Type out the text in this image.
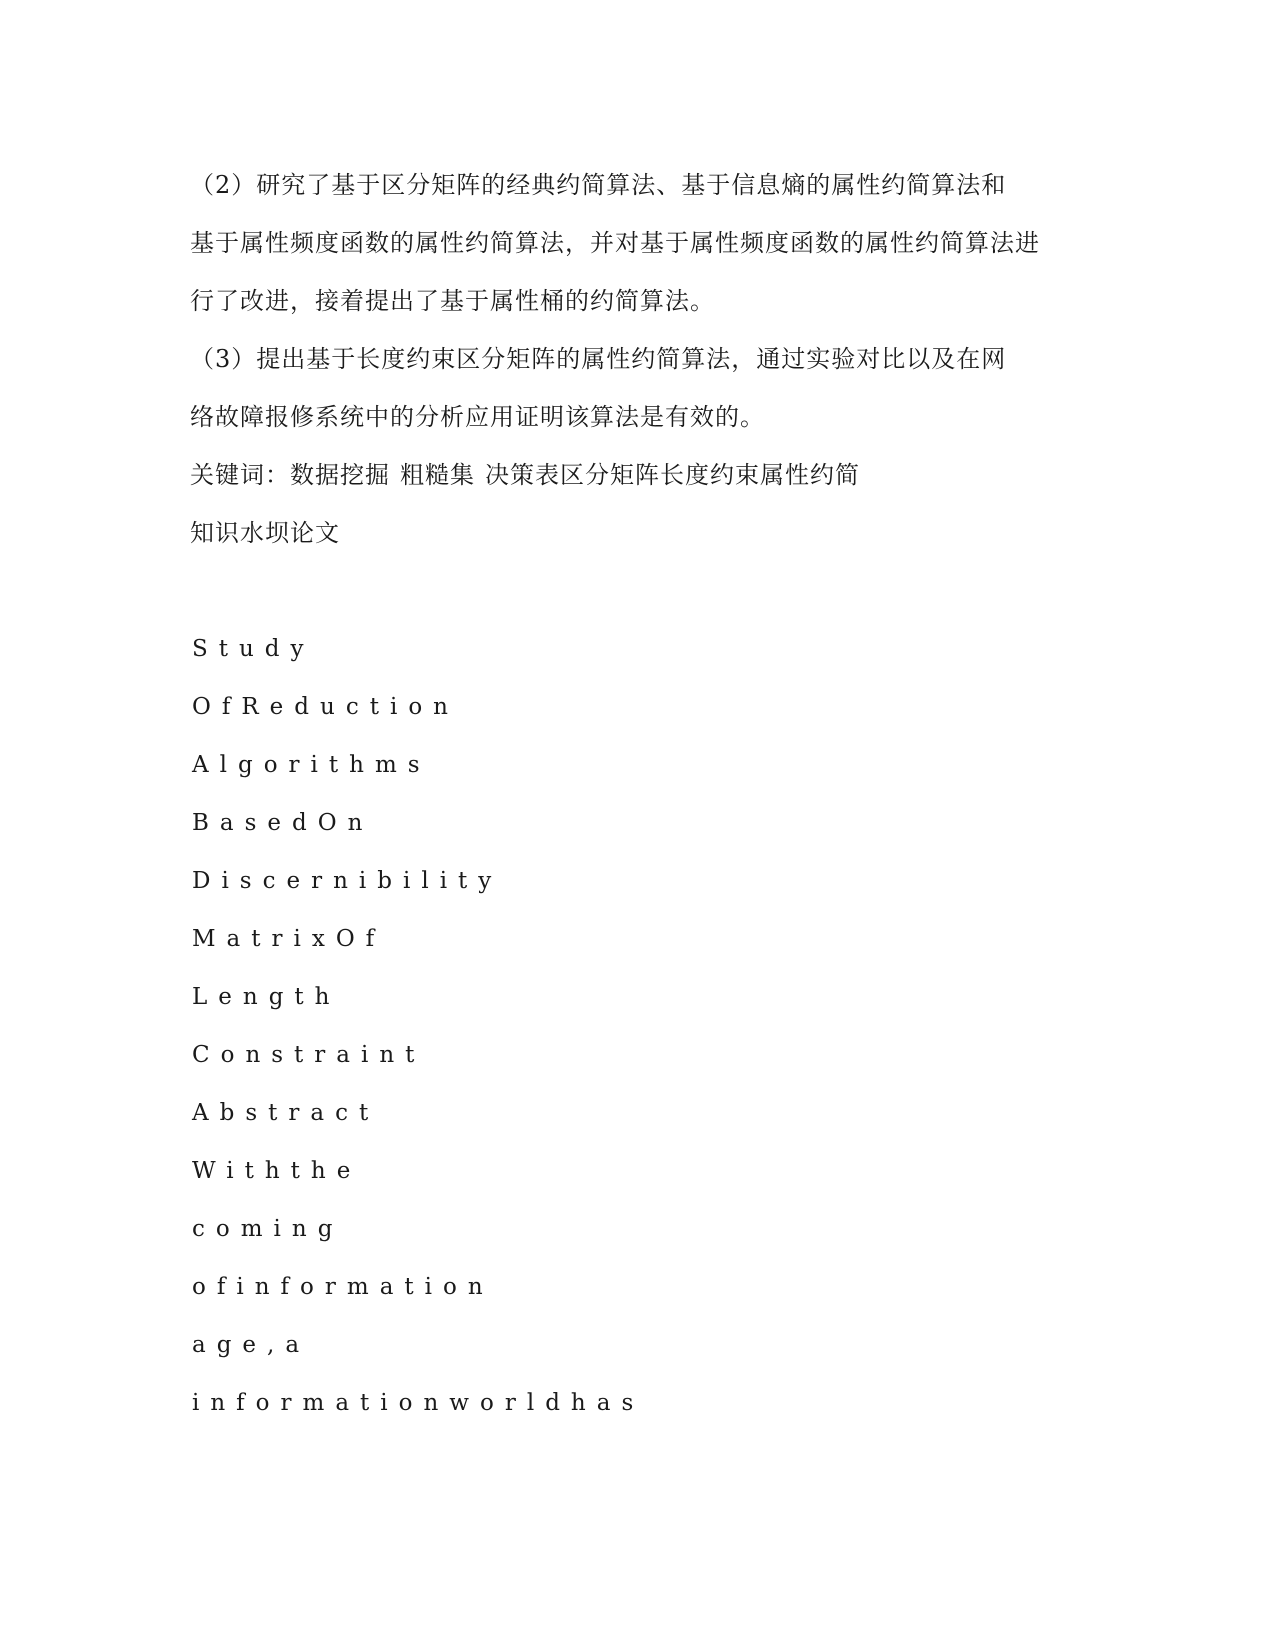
（2）研究了基于区分矩阵的经典约简算法、基于信息熵的属性约简算法和
基于属性频度函数的属性约简算法，并对基于属性频度函数的属性约简算法进
行了改进，接着提出了基于属性桶的约简算法。
（3）提出基于长度约束区分矩阵的属性约简算法，通过实验对比以及在网
络故障报修系统中的分析应用证明该算法是有效的。
关键词：数据挖掘 粗糙集 决策表区分矩阵长度约束属性约简
知识水坝论文
Study
OfReduction
Algorithms
BasedOn
Discernibility
MatrixOf
Length
Constraint
Abstract
Withthe
coming
ofinformation
age,a
informationworldhas
